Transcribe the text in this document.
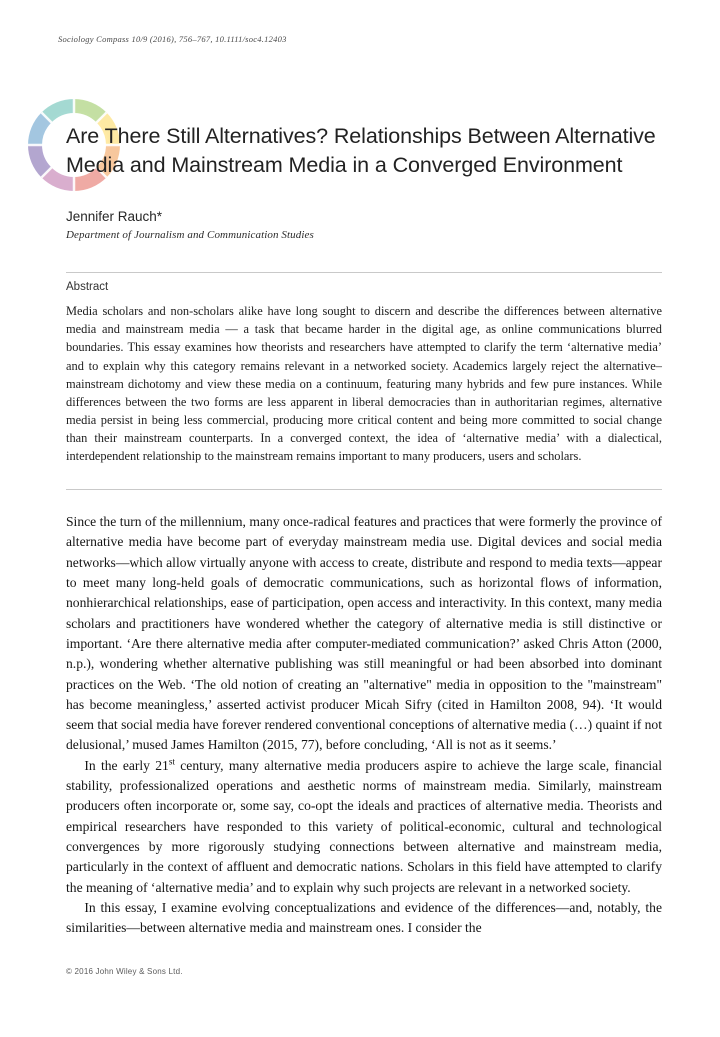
Sociology Compass 10/9 (2016), 756–767, 10.1111/soc4.12403
Are There Still Alternatives? Relationships Between Alternative Media and Mainstream Media in a Converged Environment
Jennifer Rauch*
Department of Journalism and Communication Studies
Abstract
Media scholars and non-scholars alike have long sought to discern and describe the differences between alternative media and mainstream media — a task that became harder in the digital age, as online communications blurred boundaries. This essay examines how theorists and researchers have attempted to clarify the term ‘alternative media’ and to explain why this category remains relevant in a networked society. Academics largely reject the alternative–mainstream dichotomy and view these media on a continuum, featuring many hybrids and few pure instances. While differences between the two forms are less apparent in liberal democracies than in authoritarian regimes, alternative media persist in being less commercial, producing more critical content and being more committed to social change than their mainstream counterparts. In a converged context, the idea of ‘alternative media’ with a dialectical, interdependent relationship to the mainstream remains important to many producers, users and scholars.

Since the turn of the millennium, many once-radical features and practices that were formerly the province of alternative media have become part of everyday mainstream media use. Digital devices and social media networks—which allow virtually anyone with access to create, distribute and respond to media texts—appear to meet many long-held goals of democratic communications, such as horizontal flows of information, nonhierarchical relationships, ease of participation, open access and interactivity. In this context, many media scholars and practitioners have wondered whether the category of alternative media is still distinctive or important. ‘Are there alternative media after computer-mediated communication?’ asked Chris Atton (2000, n.p.), wondering whether alternative publishing was still meaningful or had been absorbed into dominant practices on the Web. ‘The old notion of creating an "alternative" media in opposition to the "mainstream" has become meaningless,’ asserted activist producer Micah Sifry (cited in Hamilton 2008, 94). ‘It would seem that social media have forever rendered conventional conceptions of alternative media (…) quaint if not delusional,’ mused James Hamilton (2015, 77), before concluding, ‘All is not as it seems.’

In the early 21st century, many alternative media producers aspire to achieve the large scale, financial stability, professionalized operations and aesthetic norms of mainstream media. Similarly, mainstream producers often incorporate or, some say, co-opt the ideals and practices of alternative media. Theorists and empirical researchers have responded to this variety of political-economic, cultural and technological convergences by more rigorously studying connections between alternative and mainstream media, particularly in the context of affluent and democratic nations. Scholars in this field have attempted to clarify the meaning of ‘alternative media’ and to explain why such projects are relevant in a networked society.

In this essay, I examine evolving conceptualizations and evidence of the differences—and, notably, the similarities—between alternative media and mainstream ones. I consider the

© 2016 John Wiley & Sons Ltd.
